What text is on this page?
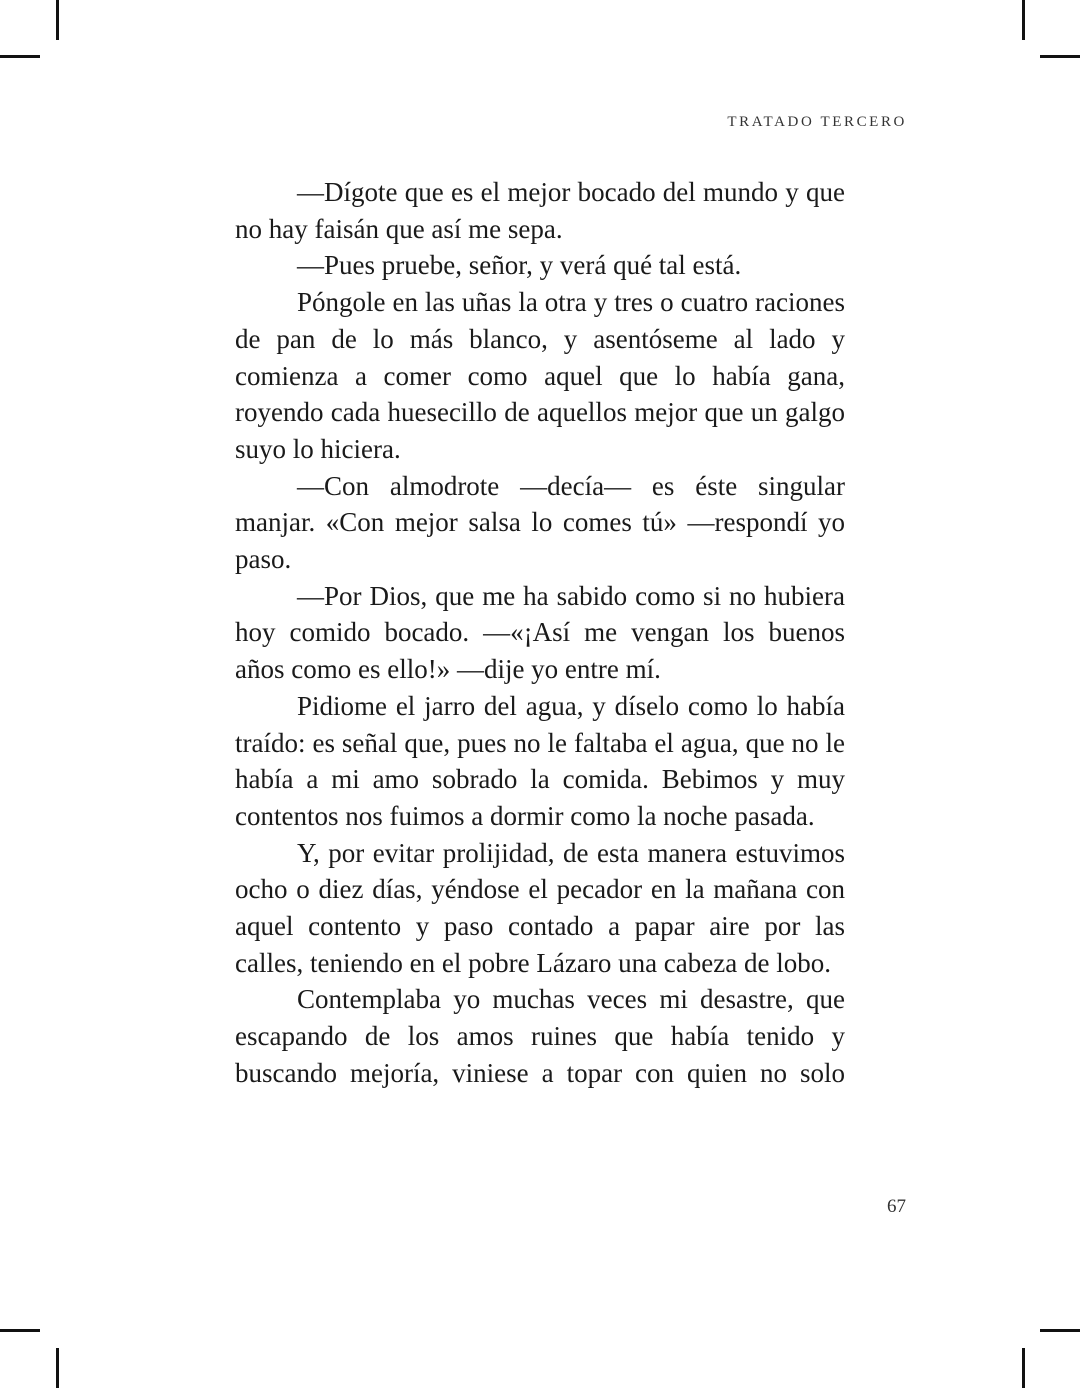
TRATADO TERCERO

—Dígote que es el mejor bocado del mundo y que no hay faisán que así me sepa.

—Pues pruebe, señor, y verá qué tal está.

Póngole en las uñas la otra y tres o cuatro raciones de pan de lo más blanco, y asentóseme al lado y comienza a comer como aquel que lo había gana, royendo cada huesecillo de aquellos mejor que un galgo suyo lo hiciera.

—Con almodrote —decía— es éste singular manjar. «Con mejor salsa lo comes tú» —respondí yo paso.

—Por Dios, que me ha sabido como si no hubiera hoy comido bocado. —«¡Así me vengan los buenos años como es ello!» —dije yo entre mí.

Pidiome el jarro del agua, y díselo como lo había traído: es señal que, pues no le faltaba el agua, que no le había a mi amo sobrado la comida. Bebimos y muy contentos nos fuimos a dormir como la noche pasada.

Y, por evitar prolijidad, de esta manera estuvimos ocho o diez días, yéndose el pecador en la mañana con aquel contento y paso contado a papar aire por las calles, teniendo en el pobre Lázaro una cabeza de lobo.

Contemplaba yo muchas veces mi desastre, que escapando de los amos ruines que había tenido y buscando mejoría, viniese a topar con quien no solo

67
